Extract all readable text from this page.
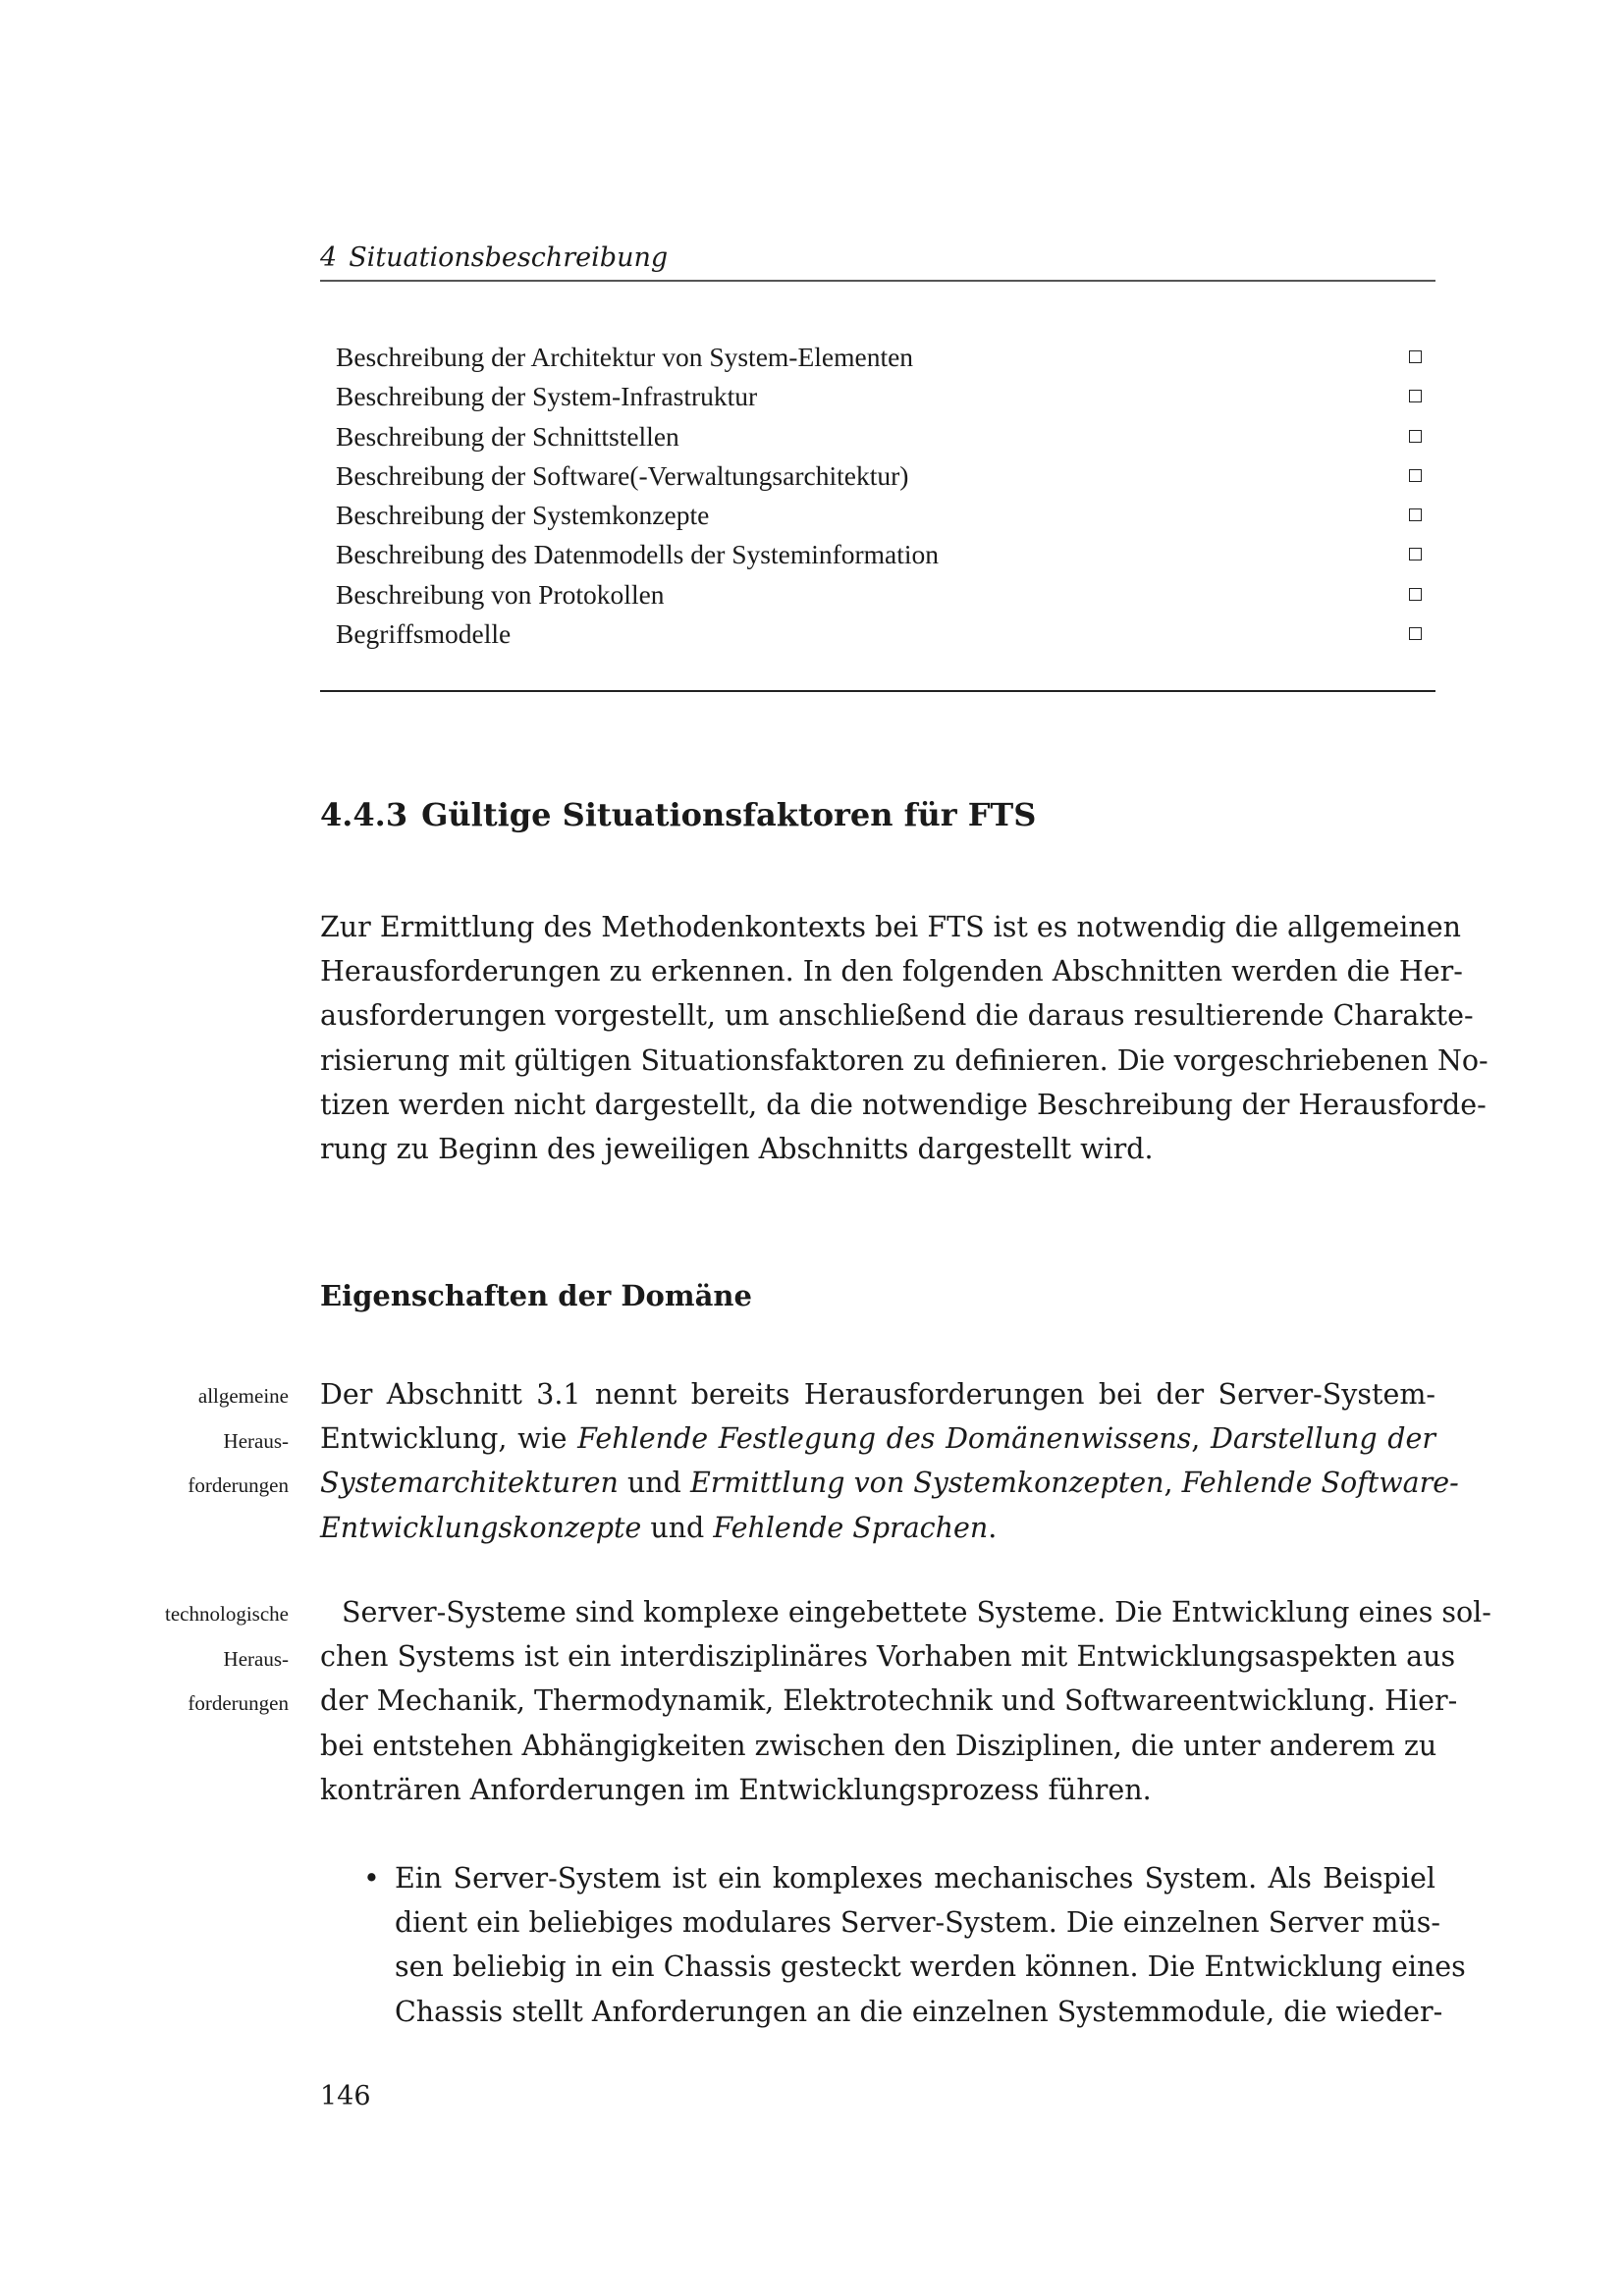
4 Situationsbeschreibung
Beschreibung der Architektur von System-Elementen
Beschreibung der System-Infrastruktur
Beschreibung der Schnittstellen
Beschreibung der Software(-Verwaltungsarchitektur)
Beschreibung der Systemkonzepte
Beschreibung des Datenmodells der Systeminformation
Beschreibung von Protokollen
Begriffsmodelle
4.4.3 Gültige Situationsfaktoren für FTS
Zur Ermittlung des Methodenkontexts bei FTS ist es notwendig die allgemeinen
Herausforderungen zu erkennen. In den folgenden Abschnitten werden die Her-
ausforderungen vorgestellt, um anschließend die daraus resultierende Charakte-
risierung mit gültigen Situationsfaktoren zu definieren. Die vorgeschriebenen No-
tizen werden nicht dargestellt, da die notwendige Beschreibung der Herausforde-
rung zu Beginn des jeweiligen Abschnitts dargestellt wird.
Eigenschaften der Domäne
allgemeine
Heraus-
forderungen
Der Abschnitt 3.1 nennt bereits Herausforderungen bei der Server-System-
Entwicklung, wie Fehlende Festlegung des Domänenwissens, Darstellung der
Systemarchitekturen und Ermittlung von Systemkonzepten, Fehlende Software-
Entwicklungskonzepte und Fehlende Sprachen.
technologische
Heraus-
forderungen
Server-Systeme sind komplexe eingebettete Systeme. Die Entwicklung eines sol-
chen Systems ist ein interdisziplinäres Vorhaben mit Entwicklungsaspekten aus
der Mechanik, Thermodynamik, Elektrotechnik und Softwareentwicklung. Hier-
bei entstehen Abhängigkeiten zwischen den Disziplinen, die unter anderem zu
konträren Anforderungen im Entwicklungsprozess führen.
• Ein Server-System ist ein komplexes mechanisches System. Als Beispiel
dient ein beliebiges modulares Server-System. Die einzelnen Server müs-
sen beliebig in ein Chassis gesteckt werden können. Die Entwicklung eines
Chassis stellt Anforderungen an die einzelnen Systemmodule, die wieder-
146
